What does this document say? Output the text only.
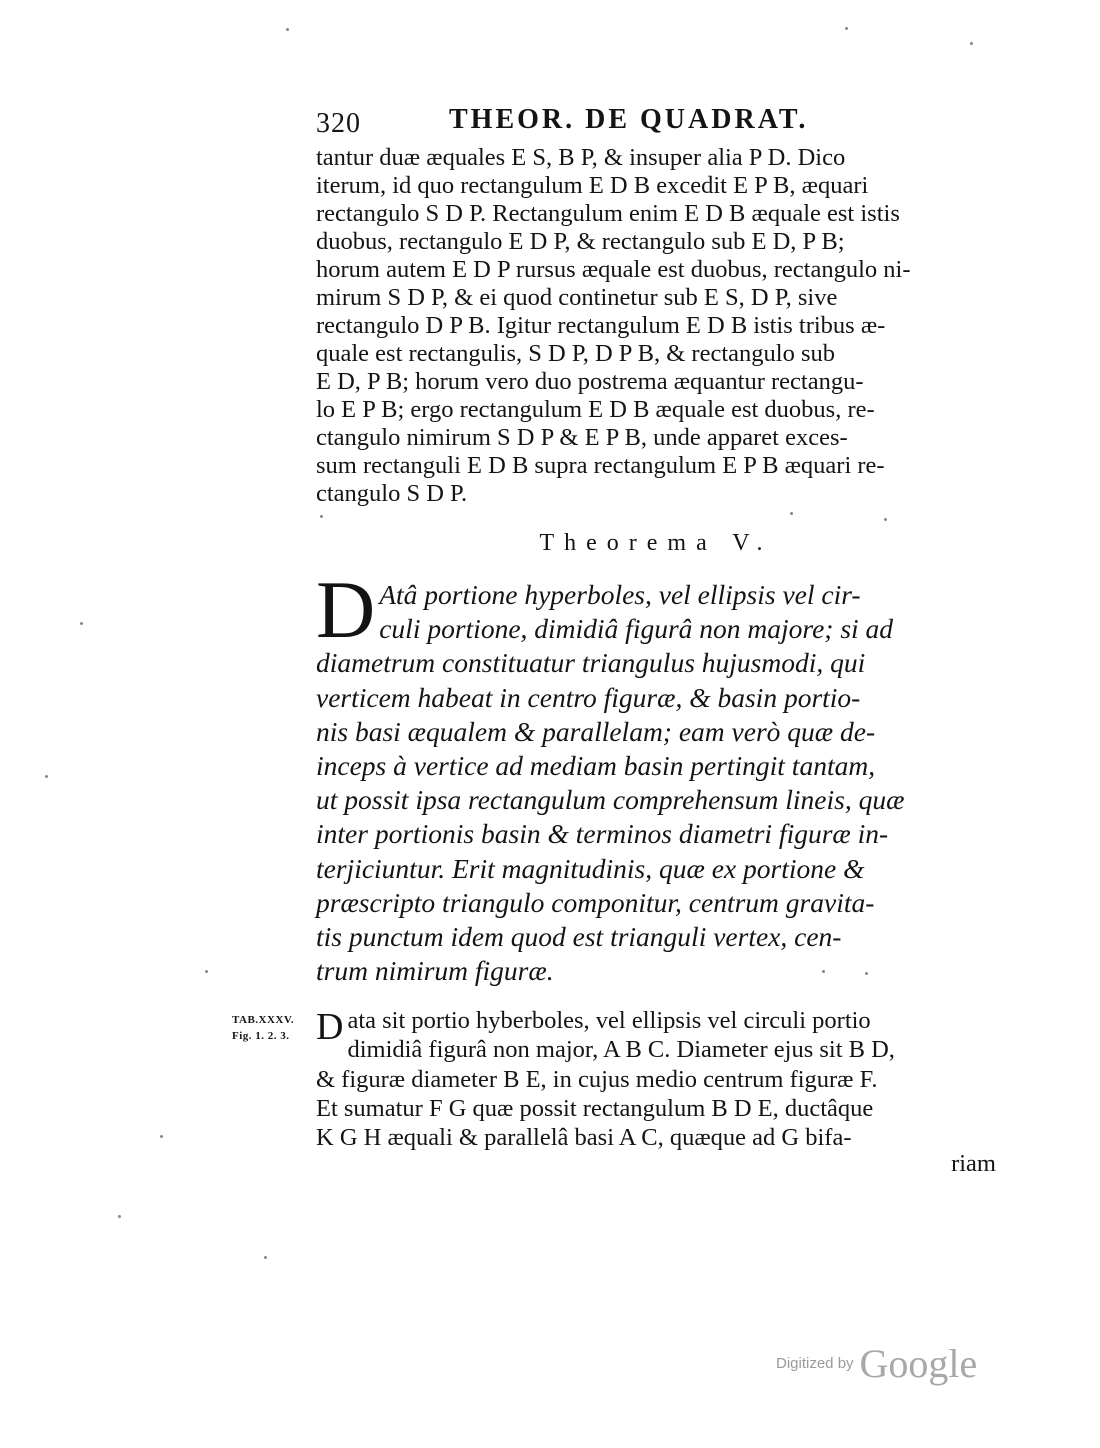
320	THEOR. DE QUADRAT.
tantur duæ æquales E S, B P, & insuper alia P D. Dico
iterum, id quo rectangulum E D B excedit E P B, æquari
rectangulo S D P. Rectangulum enim E D B æquale est istis
duobus, rectangulo E D P, & rectangulo sub E D, P B;
horum autem E D P rursus æquale est duobus, rectangulo ni-
mirum S D P, & ei quod continetur sub E S, D P, sive
rectangulo D P B. Igitur rectangulum E D B istis tribus æ-
quale est rectangulis, S D P, D P B, & rectangulo sub
E D, P B; horum vero duo postrema æquantur rectangu-
lo E P B; ergo rectangulum E D B æquale est duobus, re-
ctangulo nimirum S D P & E P B, unde apparet exces-
sum rectanguli E D B supra rectangulum E P B æquari re-
ctangulo S D P.
Theorema V.
D Atâ portione hyperboles, vel ellipsis vel cir-
culi portione, dimidiâ figurâ non majore; si ad
diametrum constituatur triangulus hujusmodi, qui
verticem habeat in centro figuræ, & basin portio-
nis basi æqualem & parallelam; eam verò quæ de-
inceps à vertice ad mediam basin pertingit tantam,
ut possit ipsa rectangulum comprehensum lineis, quæ
inter portionis basin & terminos diametri figuræ in-
terjiciuntur. Erit magnitudinis, quæ ex portione &
præscripto triangulo componitur, centrum gravita-
tis punctum idem quod est trianguli vertex, cen-
trum nimirum figuræ.
TAB.XXXV.
Fig. 1. 2. 3. D ata sit portio hyberboles, vel ellipsis vel circuli portio
dimidiâ figurâ non major, A B C. Diameter ejus sit B D,
& figuræ diameter B E, in cujus medio centrum figuræ F.
Et sumatur F G quæ possit rectangulum B D E, ductâque
K G H æquali & parallelâ basi A C, quæque ad G bifa-
riam
Digitized by Google
